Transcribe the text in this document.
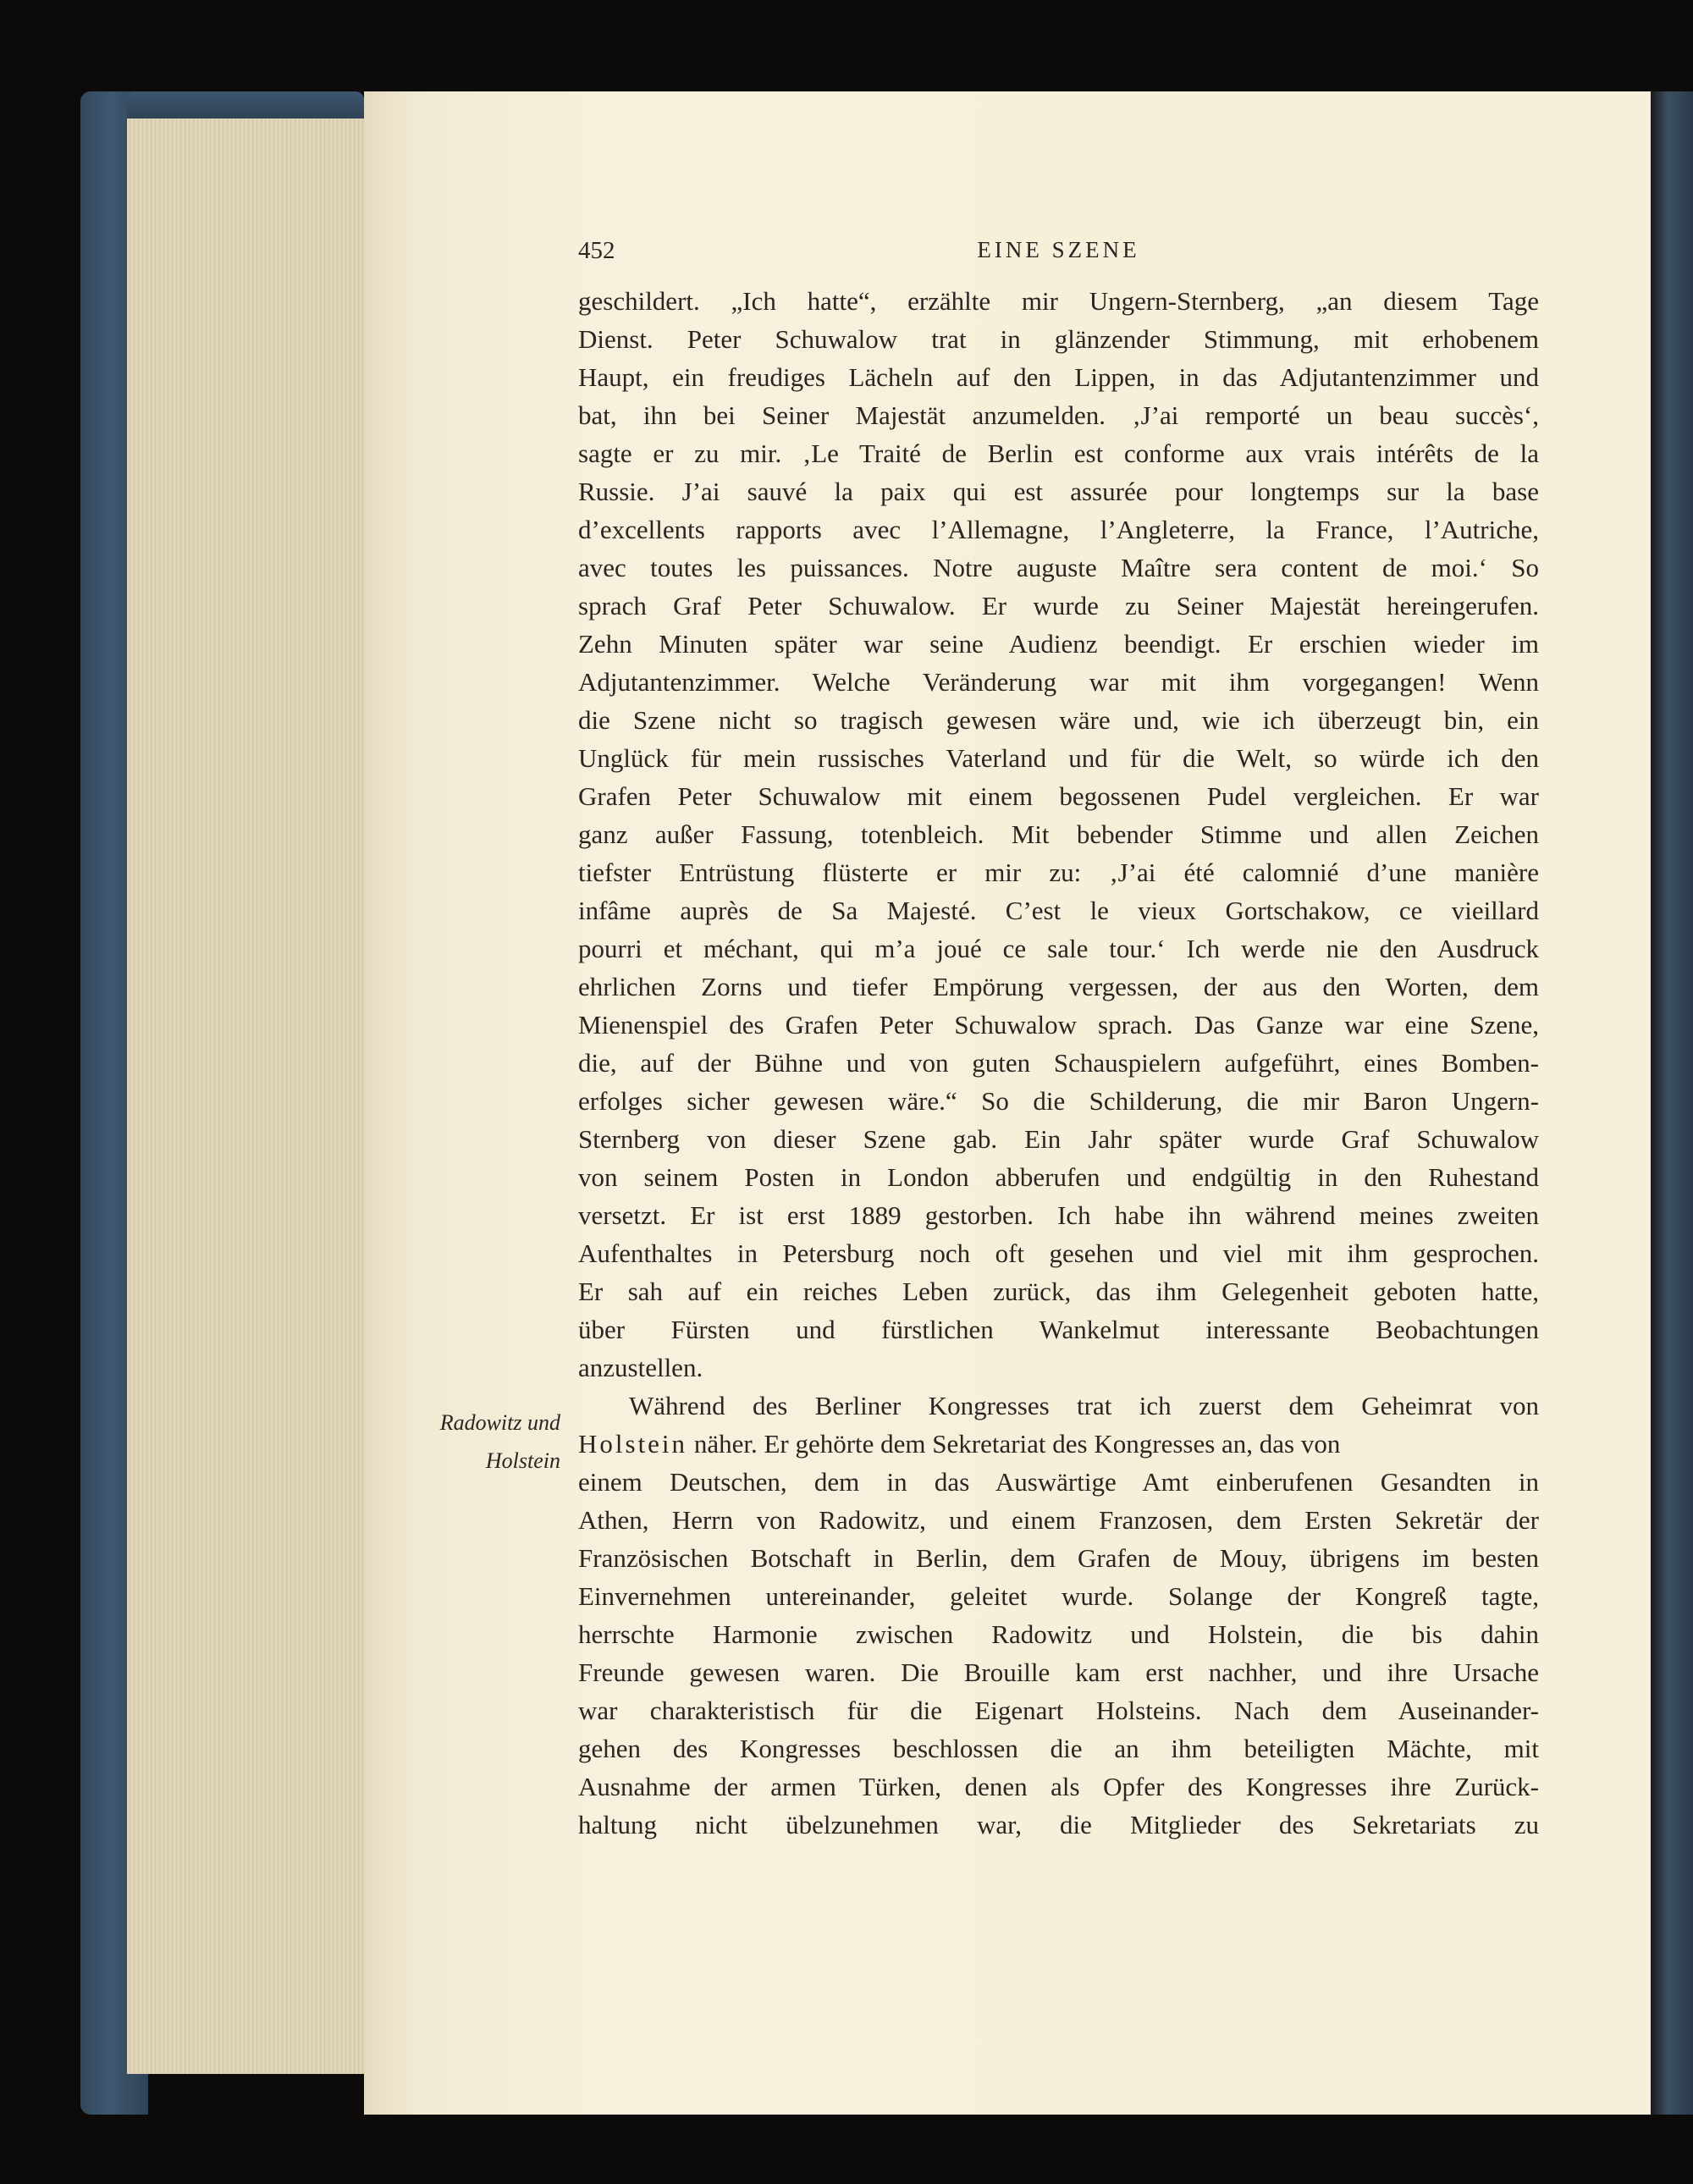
452	EINE SZENE
Radowitz und
Holstein
geschildert. „Ich hatte“, erzählte mir Ungern-Sternberg, „an diesem Tage
Dienst. Peter Schuwalow trat in glänzender Stimmung, mit erhobenem
Haupt, ein freudiges Lächeln auf den Lippen, in das Adjutantenzimmer und
bat, ihn bei Seiner Majestät anzumelden. ‚J’ai remporté un beau succès‘,
sagte er zu mir. ‚Le Traité de Berlin est conforme aux vrais intérêts de la
Russie. J’ai sauvé la paix qui est assurée pour longtemps sur la base
d’excellents rapports avec l’Allemagne, l’Angleterre, la France, l’Autriche,
avec toutes les puissances. Notre auguste Maître sera content de moi.‘ So
sprach Graf Peter Schuwalow. Er wurde zu Seiner Majestät hereingerufen.
Zehn Minuten später war seine Audienz beendigt. Er erschien wieder im
Adjutantenzimmer. Welche Veränderung war mit ihm vorgegangen! Wenn
die Szene nicht so tragisch gewesen wäre und, wie ich überzeugt bin, ein
Unglück für mein russisches Vaterland und für die Welt, so würde ich den
Grafen Peter Schuwalow mit einem begossenen Pudel vergleichen. Er war
ganz außer Fassung, totenbleich. Mit bebender Stimme und allen Zeichen
tiefster Entrüstung flüsterte er mir zu: ‚J’ai été calomnié d’une manière
infâme auprès de Sa Majesté. C’est le vieux Gortschakow, ce vieillard
pourri et méchant, qui m’a joué ce sale tour.‘ Ich werde nie den Ausdruck
ehrlichen Zorns und tiefer Empörung vergessen, der aus den Worten, dem
Mienenspiel des Grafen Peter Schuwalow sprach. Das Ganze war eine Szene,
die, auf der Bühne und von guten Schauspielern aufgeführt, eines Bomben-
erfolges sicher gewesen wäre.“ So die Schilderung, die mir Baron Ungern-
Sternberg von dieser Szene gab. Ein Jahr später wurde Graf Schuwalow
von seinem Posten in London abberufen und endgültig in den Ruhestand
versetzt. Er ist erst 1889 gestorben. Ich habe ihn während meines zweiten
Aufenthaltes in Petersburg noch oft gesehen und viel mit ihm gesprochen.
Er sah auf ein reiches Leben zurück, das ihm Gelegenheit geboten hatte,
über Fürsten und fürstlichen Wankelmut interessante Beobachtungen
anzustellen.
Während des Berliner Kongresses trat ich zuerst dem Geheimrat von
Holstein näher. Er gehörte dem Sekretariat des Kongresses an, das von
einem Deutschen, dem in das Auswärtige Amt einberufenen Gesandten in
Athen, Herrn von Radowitz, und einem Franzosen, dem Ersten Sekretär der
Französischen Botschaft in Berlin, dem Grafen de Mouy, übrigens im besten
Einvernehmen untereinander, geleitet wurde. Solange der Kongreß tagte,
herrschte Harmonie zwischen Radowitz und Holstein, die bis dahin
Freunde gewesen waren. Die Brouille kam erst nachher, und ihre Ursache
war charakteristisch für die Eigenart Holsteins. Nach dem Auseinander-
gehen des Kongresses beschlossen die an ihm beteiligten Mächte, mit
Ausnahme der armen Türken, denen als Opfer des Kongresses ihre Zurück-
haltung nicht übelzunehmen war, die Mitglieder des Sekretariats zu
